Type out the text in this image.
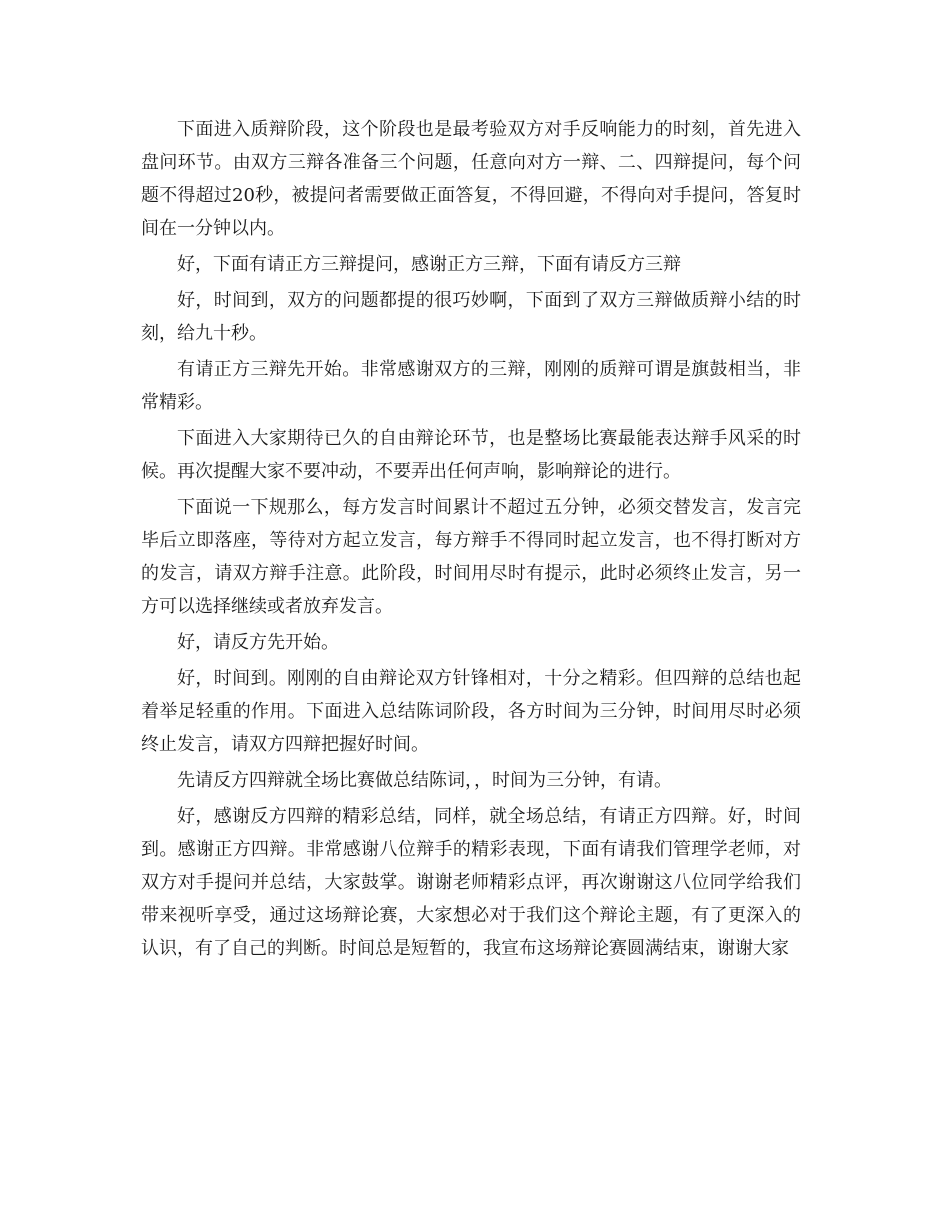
下面进入质辩阶段，这个阶段也是最考验双方对手反响能力的时刻，首先进入盘问环节。由双方三辩各准备三个问题，任意向对方一辩、二、四辩提问，每个问题不得超过20秒，被提问者需要做正面答复，不得回避，不得向对手提问，答复时间在一分钟以内。

好，下面有请正方三辩提问，感谢正方三辩，下面有请反方三辩

好，时间到，双方的问题都提的很巧妙啊，下面到了双方三辩做质辩小结的时刻，给九十秒。

有请正方三辩先开始。非常感谢双方的三辩，刚刚的质辩可谓是旗鼓相当，非常精彩。

下面进入大家期待已久的自由辩论环节，也是整场比赛最能表达辩手风采的时候。再次提醒大家不要冲动，不要弄出任何声响，影响辩论的进行。

下面说一下规那么，每方发言时间累计不超过五分钟，必须交替发言，发言完毕后立即落座，等待对方起立发言，每方辩手不得同时起立发言，也不得打断对方的发言，请双方辩手注意。此阶段，时间用尽时有提示，此时必须终止发言，另一方可以选择继续或者放弃发言。

好，请反方先开始。

好，时间到。刚刚的自由辩论双方针锋相对，十分之精彩。但四辩的总结也起着举足轻重的作用。下面进入总结陈词阶段，各方时间为三分钟，时间用尽时必须终止发言，请双方四辩把握好时间。

先请反方四辩就全场比赛做总结陈词，，时间为三分钟，有请。

好，感谢反方四辩的精彩总结，同样，就全场总结，有请正方四辩。好，时间到。感谢正方四辩。非常感谢八位辩手的精彩表现，下面有请我们管理学老师，对双方对手提问并总结，大家鼓掌。谢谢老师精彩点评，再次谢谢这八位同学给我们带来视听享受，通过这场辩论赛，大家想必对于我们这个辩论主题，有了更深入的认识，有了自己的判断。时间总是短暂的，我宣布这场辩论赛圆满结束，谢谢大家
